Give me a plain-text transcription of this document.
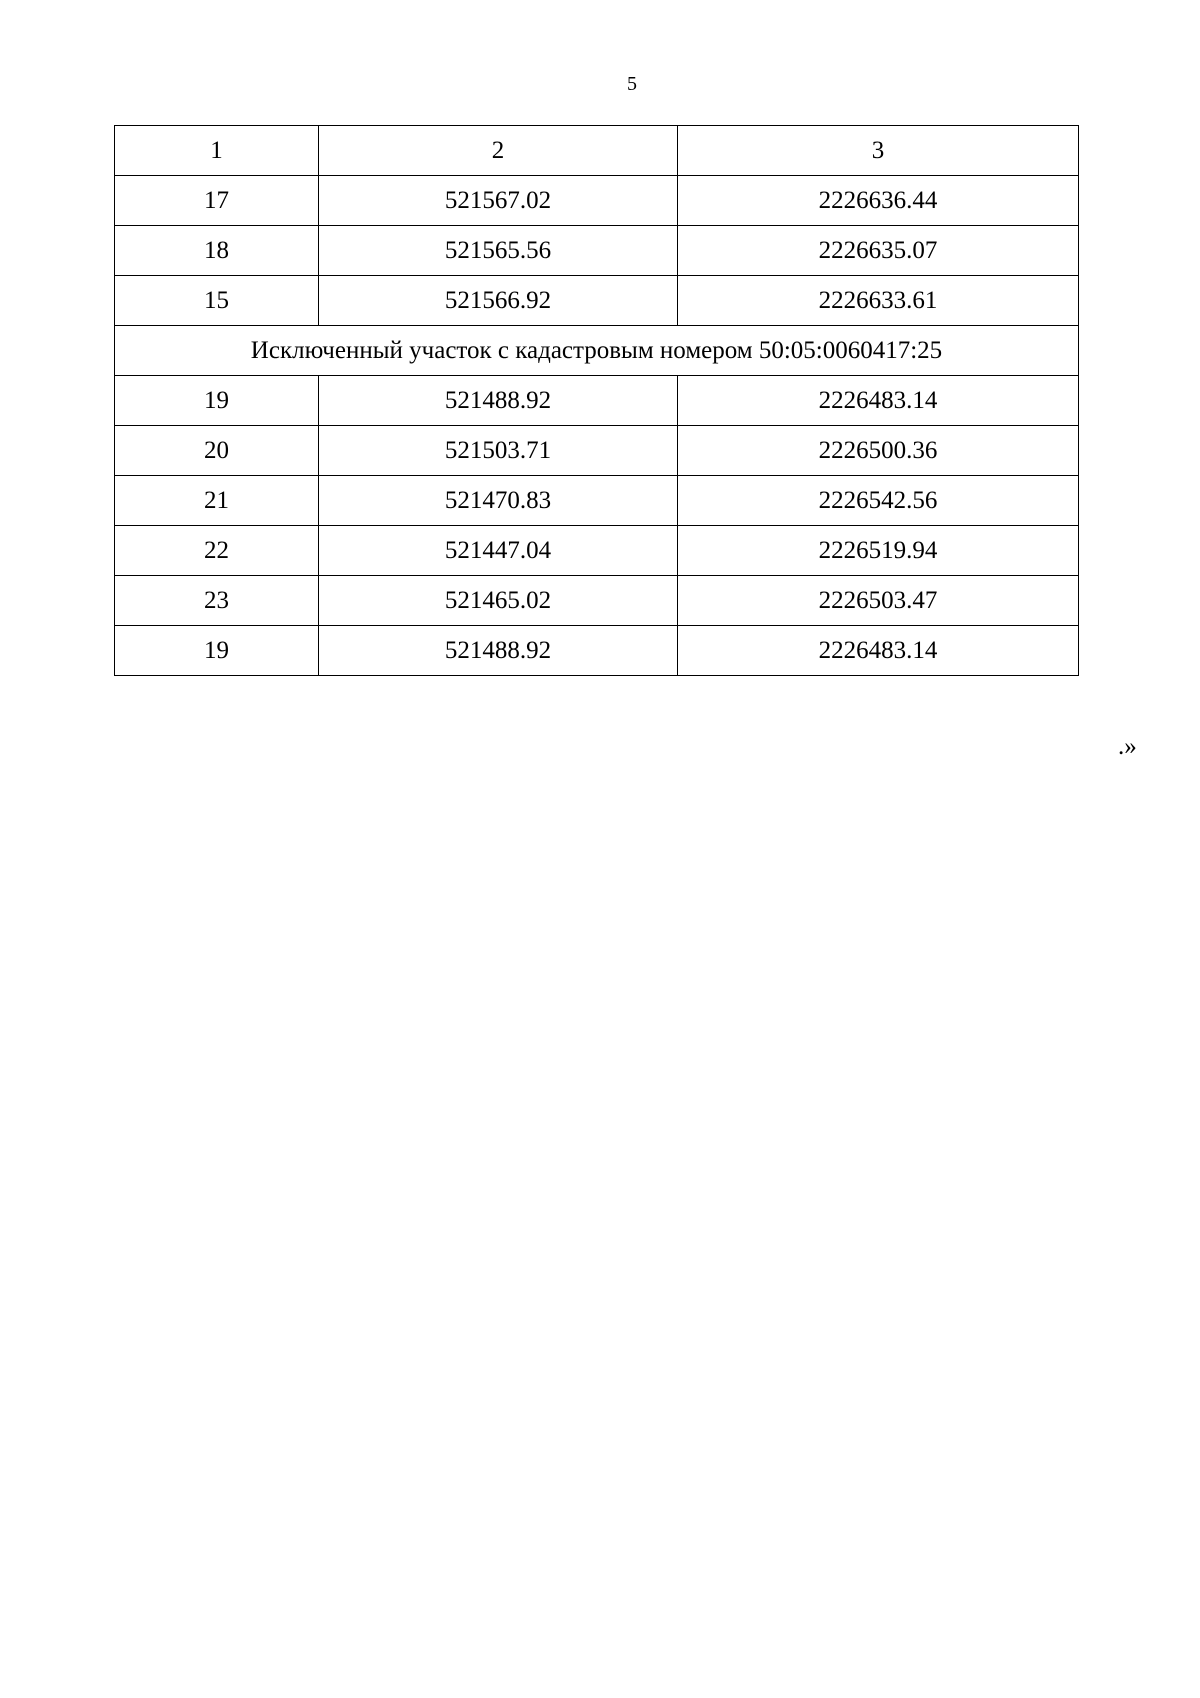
5
1	2	3
17	521567.02	2226636.44
18	521565.56	2226635.07
15	521566.92	2226633.61
Исключенный участок с кадастровым номером 50:05:0060417:25		
19	521488.92	2226483.14
20	521503.71	2226500.36
21	521470.83	2226542.56
22	521447.04	2226519.94
23	521465.02	2226503.47
19	521488.92	2226483.14
.»
